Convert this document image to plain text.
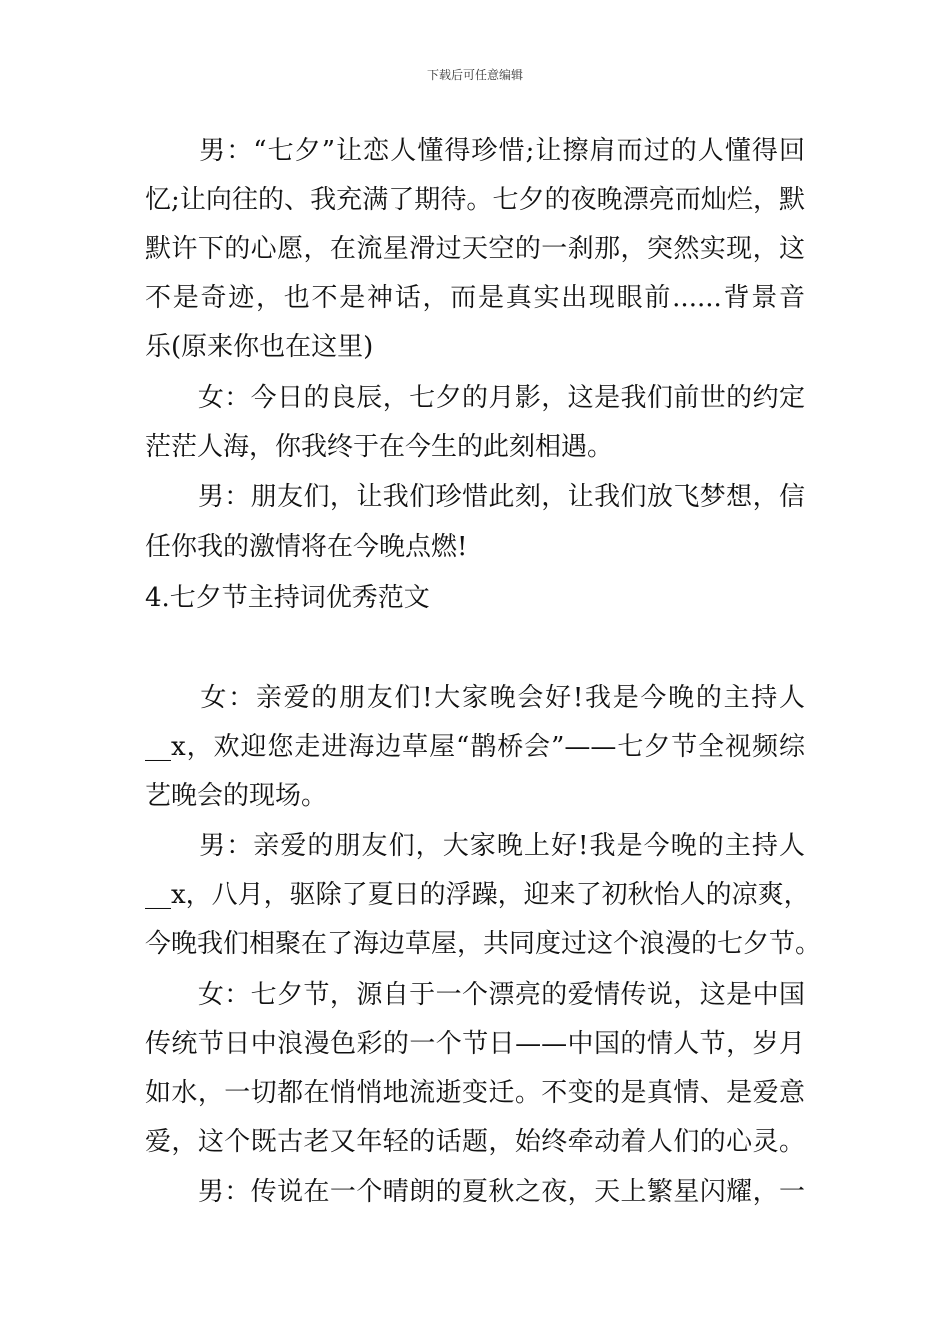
下载后可任意编辑
　　男：“七夕”让恋人懂得珍惜;让擦肩而过的人懂得回
忆;让向往的、我充满了期待。七夕的夜晚漂亮而灿烂，默
默许下的心愿，在流星滑过天空的一刹那，突然实现，这
不是奇迹，也不是神话，而是真实出现眼前......背景音
乐(原来你也在这里)
　　女：今日的良辰，七夕的月影，这是我们前世的约定
茫茫人海，你我终于在今生的此刻相遇。
　　男：朋友们，让我们珍惜此刻，让我们放飞梦想，信
任你我的激情将在今晚点燃!
4.七夕节主持词优秀范文
　　女：亲爱的朋友们!大家晚会好!我是今晚的主持人
__x，欢迎您走进海边草屋“鹊桥会”——七夕节全视频综
艺晚会的现场。
　　男：亲爱的朋友们，大家晚上好!我是今晚的主持人
__x，八月，驱除了夏日的浮躁，迎来了初秋怡人的凉爽，
今晚我们相聚在了海边草屋，共同度过这个浪漫的七夕节。
　　女：七夕节，源自于一个漂亮的爱情传说，这是中国
传统节日中浪漫色彩的一个节日——中国的情人节，岁月
如水，一切都在悄悄地流逝变迁。不变的是真情、是爱意
爱，这个既古老又年轻的话题，始终牵动着人们的心灵。
　　男：传说在一个晴朗的夏秋之夜，天上繁星闪耀，一
